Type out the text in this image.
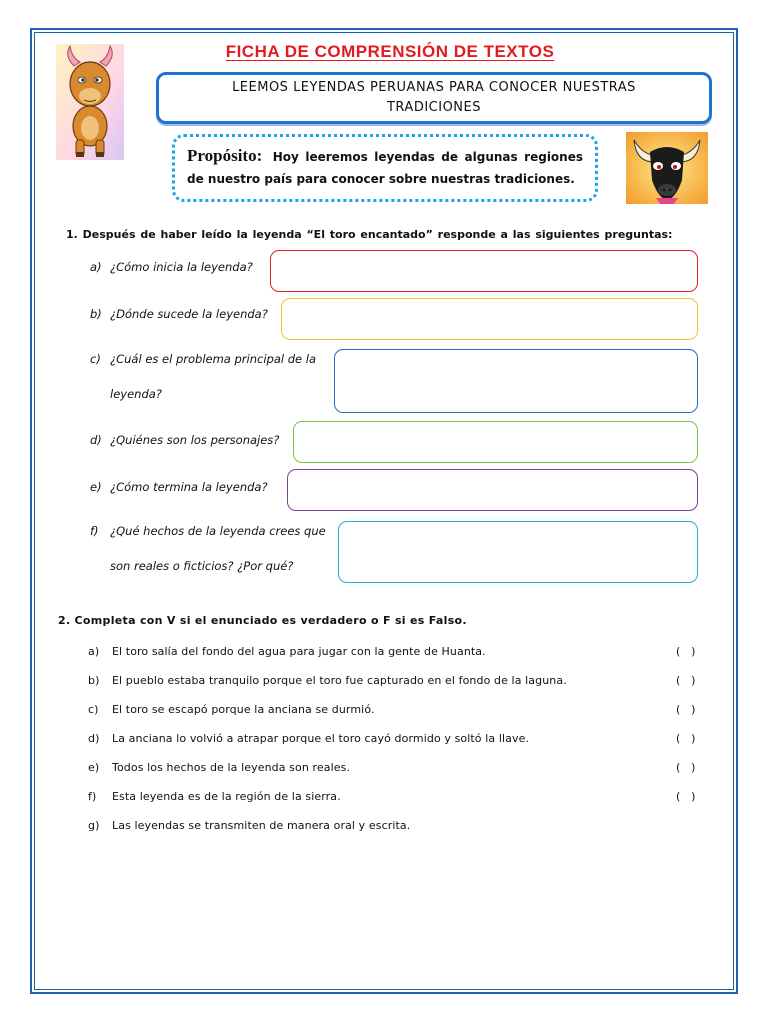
FICHA DE COMPRENSIÓN DE TEXTOS
LEEMOS LEYENDAS PERUANAS PARA CONOCER NUESTRAS TRADICIONES
Propósito: Hoy leeremos leyendas de algunas regiones de nuestro país para conocer sobre nuestras tradiciones.

1. Después de haber leído la leyenda “El toro encantado” responde a las siguientes preguntas:

a) ¿Cómo inicia la leyenda?

b) ¿Dónde sucede la leyenda?

c) ¿Cuál es el problema principal de la

leyenda?

d) ¿Quiénes son los personajes?

e) ¿Cómo termina la leyenda?

f) ¿Qué hechos de la leyenda crees que

son reales o ficticios? ¿Por qué?

2. Completa con V si el enunciado es verdadero o F si es Falso.

a)	El toro salía del fondo del agua para jugar con la gente de Huanta.	(   )
b)	El pueblo estaba tranquilo porque el toro fue capturado en el fondo de la laguna.	(   )
c)	El toro se escapó porque la anciana se durmió.	(   )
d)	La anciana lo volvió a atrapar porque el toro cayó dormido y soltó la llave.	(   )
e)	Todos los hechos de la leyenda son reales.	(   )
f)	Esta leyenda es de la región de la sierra.	(   )
g)	Las leyendas se transmiten de manera oral y escrita.
